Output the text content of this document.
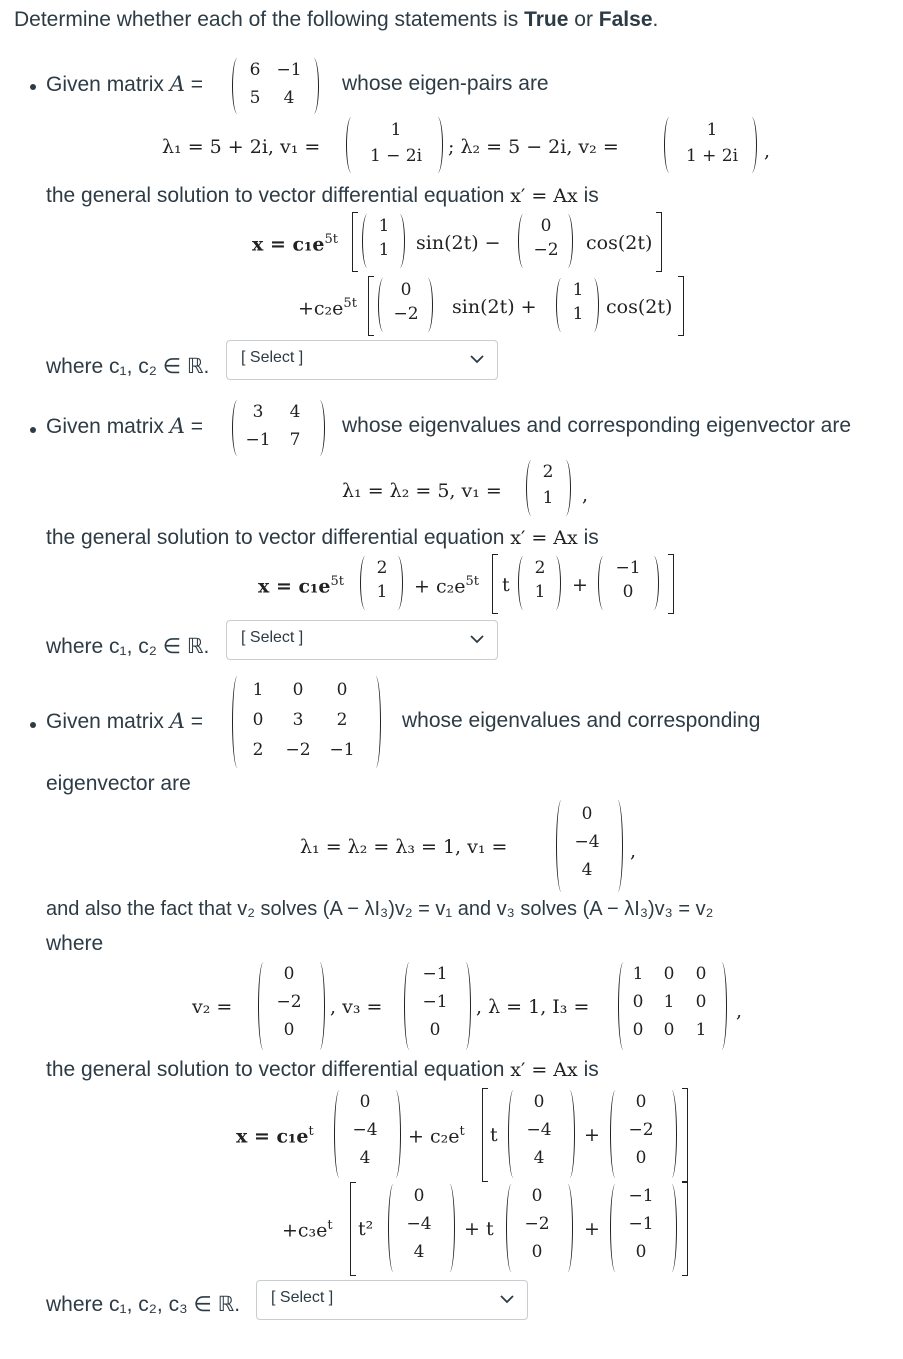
Determine whether each of the following statements is True or False.
Given matrix A =
6 −1
5	4
whose eigen-pairs are
λ₁ = 5 + 2i, v₁ =
1
1 − 2i	; λ₂ = 5 − 2i, v₂ =
1
1 + 2i	,
the general solution to vector differential equation x′ = Ax is
$x = c_1e^{5t}$
1
1	sin(2t) −
0
−2	cos(2t)
$+c_2e^{5t}$
0
−2	sin(2t) +
1
1	cos(2t)
where c₁, c₂ ∈ ℝ. [ Select ]
Given matrix A =
3	4
−1	7
whose eigenvalues and corresponding eigenvector are
λ₁ = λ₂ = 5, v₁ =
2
1	,
the general solution to vector differential equation x′ = Ax is
$x = c_1e^{5t}$
2
1	+ $c_2e^{5t}$ t
2
1	+
−1
0
where c₁, c₂ ∈ ℝ. [ Select ]
Given matrix A =
1	0	0
0	3	2
2	−2	−1
whose eigenvalues and corresponding
eigenvector are
λ₁ = λ₂ = λ₃ = 1, v₁ =
0
−4
4
,
and also the fact that v₂ solves (A − λI₃)v₂ = v₁ and v₃ solves (A − λI₃)v₃ = v₂
where
v₂ =
0
−2
0
, v₃ =
−1
−1
0
, λ = 1, I₃ =
1	0	0
0	1	0
0	0	1
,
the general solution to vector differential equation x′ = Ax is
$x = c_1e^t$
0
−4
4
+ $c_2e^t$ t
0
−4
4
+
0
−2
0
$+c_3e^t$ t²
0
−4
4
+ t
0
−2
0
+
−1
−1
0
where c₁, c₂, c₃ ∈ ℝ. [ Select ]
